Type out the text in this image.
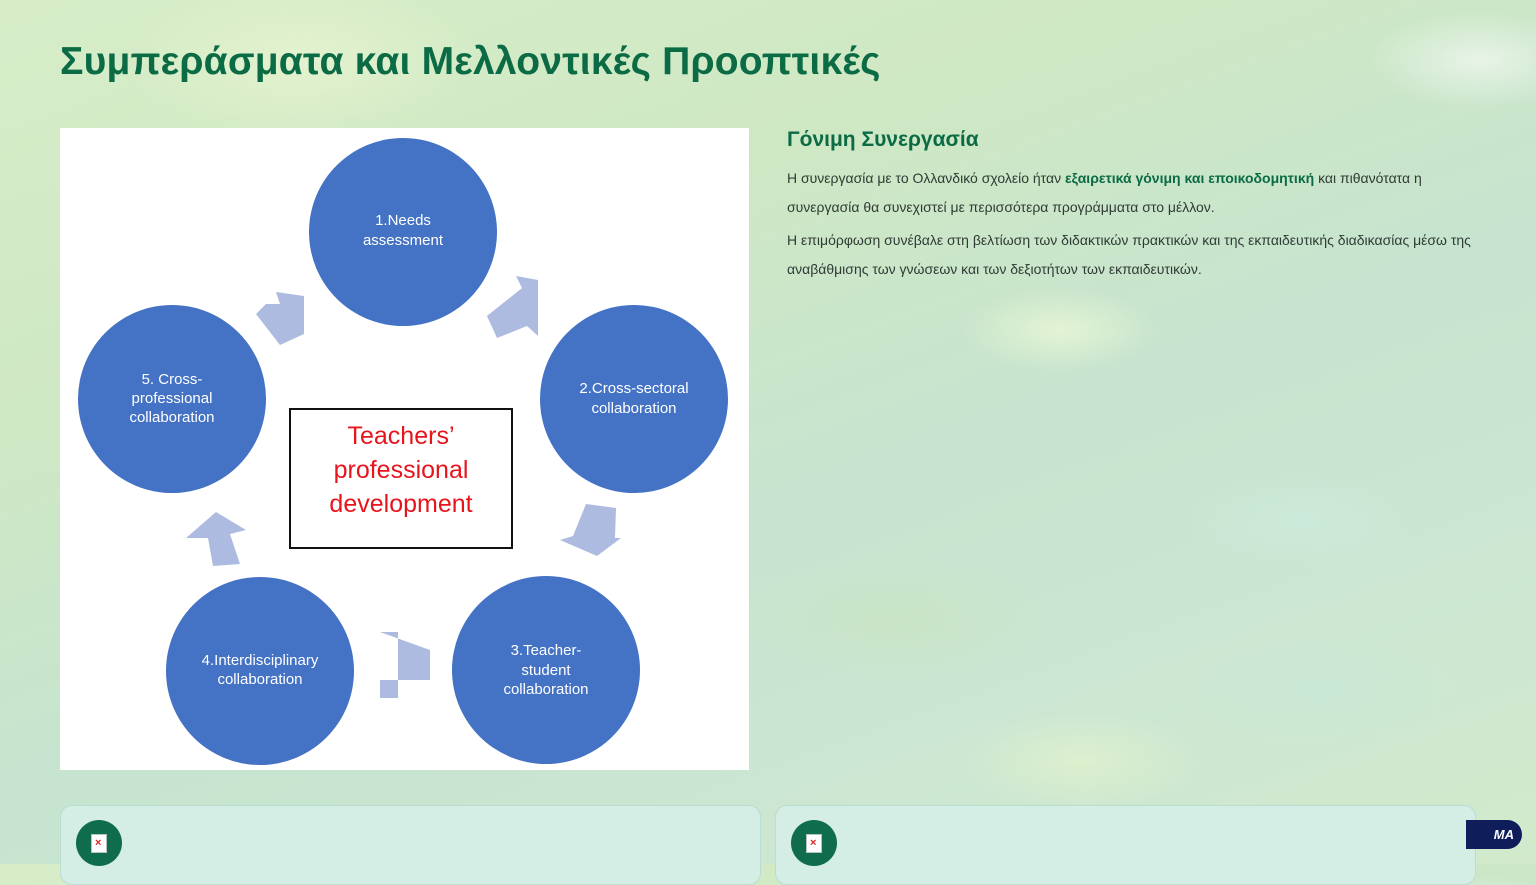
Συμπεράσματα και Μελλοντικές Προοπτικές
1.Needs
assessment
2.Cross-sectoral
collaboration
3.Teacher-
student
collaboration
4.Interdisciplinary
collaboration
5. Cross-
professional
collaboration
Teachers’
professional
development
Γόνιμη Συνεργασία

Η συνεργασία με το Ολλανδικό σχολείο ήταν εξαιρετικά γόνιμη και εποικοδομητική και πιθανότατα η συνεργασία θα συνεχιστεί με περισσότερα προγράμματα στο μέλλον.

Η επιμόρφωση συνέβαλε στη βελτίωση των διδακτικών πρακτικών και της εκπαιδευτικής διαδικασίας μέσω της αναβάθμισης των γνώσεων και των δεξιοτήτων των εκπαιδευτικών.

×
×
MA
